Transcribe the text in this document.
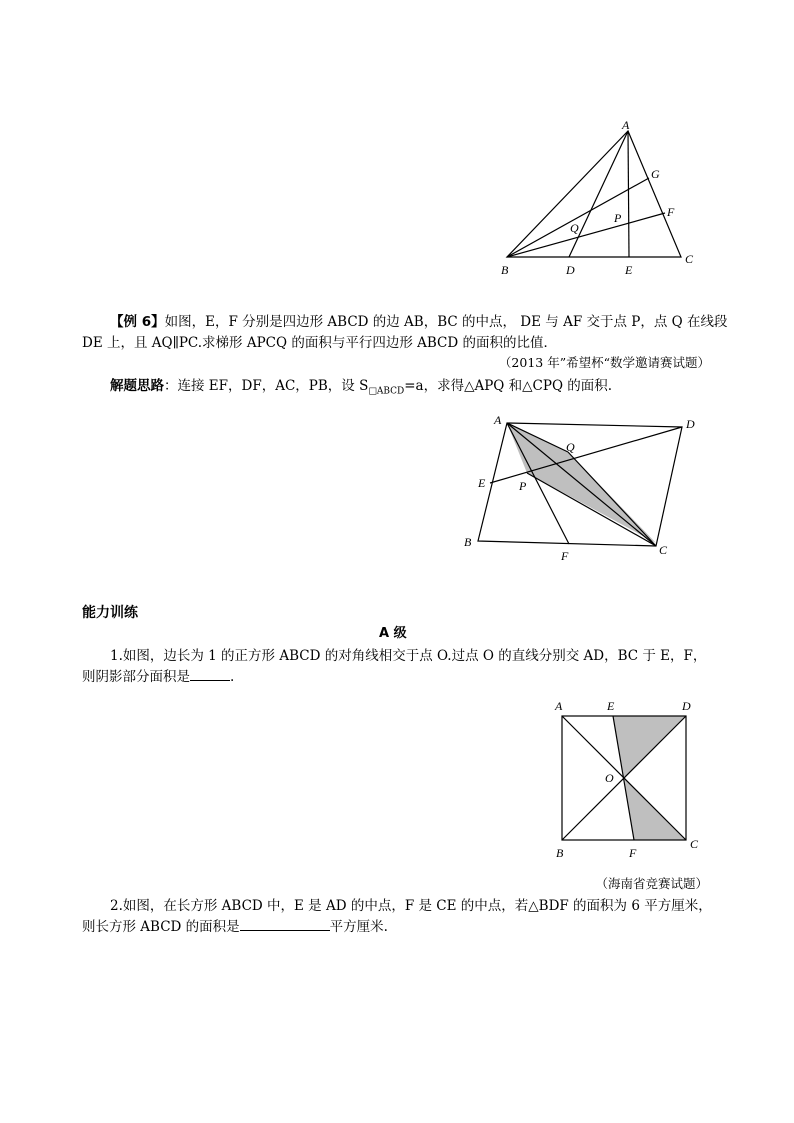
A
G
F
P
Q
B	D	E
C
【例 6】如图，E，F 分别是四边形 ABCD 的边 AB，BC 的中点， DE 与 AF 交于点 P，点 Q 在线段
DE 上，且 AQ∥PC.求梯形 APCQ 的面积与平行四边形 ABCD 的面积的比值．
（2013 年”希望杯“数学邀请赛试题）
解题思路：连接 EF，DF，AC，PB，设 $S_{□ABCD}=a$，求得△APQ 和△CPQ 的面积.
A	D
Q
E	P
B
F	C
能力训练
A 级
1.如图，边长为 1 的正方形 ABCD 的对角线相交于点 O.过点 O 的直线分别交 AD，BC 于 E，F，
则阴影部分面积是	.
A	E	D
O
B	F
C
（海南省竞赛试题）
2.如图，在长方形 ABCD 中，E 是 AD 的中点，F 是 CE 的中点，若△BDF 的面积为 6 平方厘米，
则长方形 ABCD 的面积是	平方厘米.
